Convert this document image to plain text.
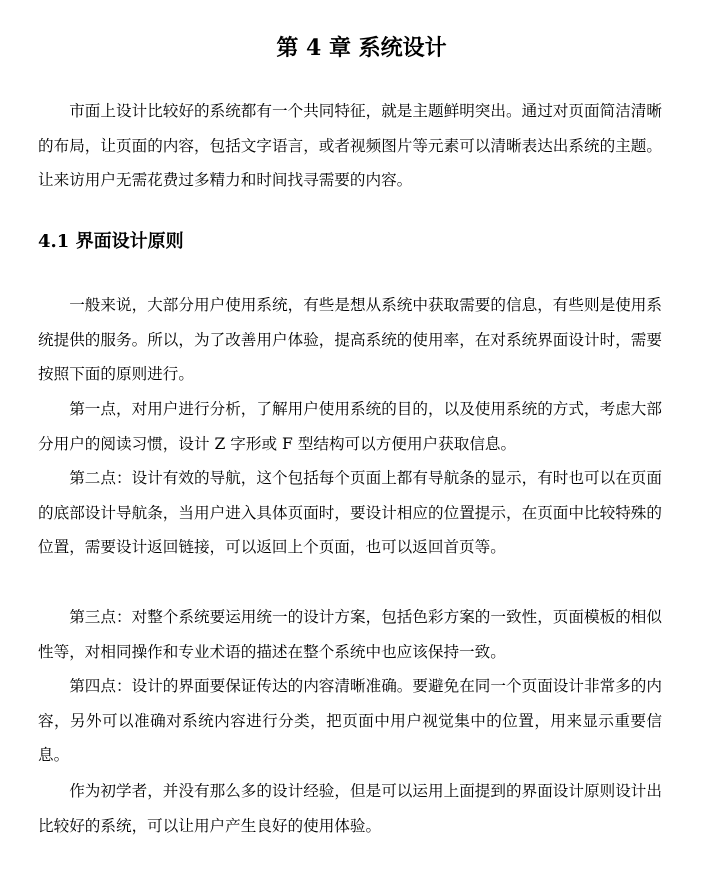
第 4 章 系统设计

市面上设计比较好的系统都有一个共同特征，就是主题鲜明突出。通过对页面简洁清晰的布局，让页面的内容，包括文字语言，或者视频图片等元素可以清晰表达出系统的主题。让来访用户无需花费过多精力和时间找寻需要的内容。

4.1 界面设计原则

一般来说，大部分用户使用系统，有些是想从系统中获取需要的信息，有些则是使用系统提供的服务。所以，为了改善用户体验，提高系统的使用率，在对系统界面设计时，需要按照下面的原则进行。

第一点，对用户进行分析，了解用户使用系统的目的，以及使用系统的方式，考虑大部分用户的阅读习惯，设计 Z 字形或 F 型结构可以方便用户获取信息。

第二点：设计有效的导航，这个包括每个页面上都有导航条的显示，有时也可以在页面的底部设计导航条，当用户进入具体页面时，要设计相应的位置提示，在页面中比较特殊的位置，需要设计返回链接，可以返回上个页面，也可以返回首页等。

第三点：对整个系统要运用统一的设计方案，包括色彩方案的一致性，页面模板的相似性等，对相同操作和专业术语的描述在整个系统中也应该保持一致。

第四点：设计的界面要保证传达的内容清晰准确。要避免在同一个页面设计非常多的内容，另外可以准确对系统内容进行分类，把页面中用户视觉集中的位置，用来显示重要信息。

作为初学者，并没有那么多的设计经验，但是可以运用上面提到的界面设计原则设计出比较好的系统，可以让用户产生良好的使用体验。
